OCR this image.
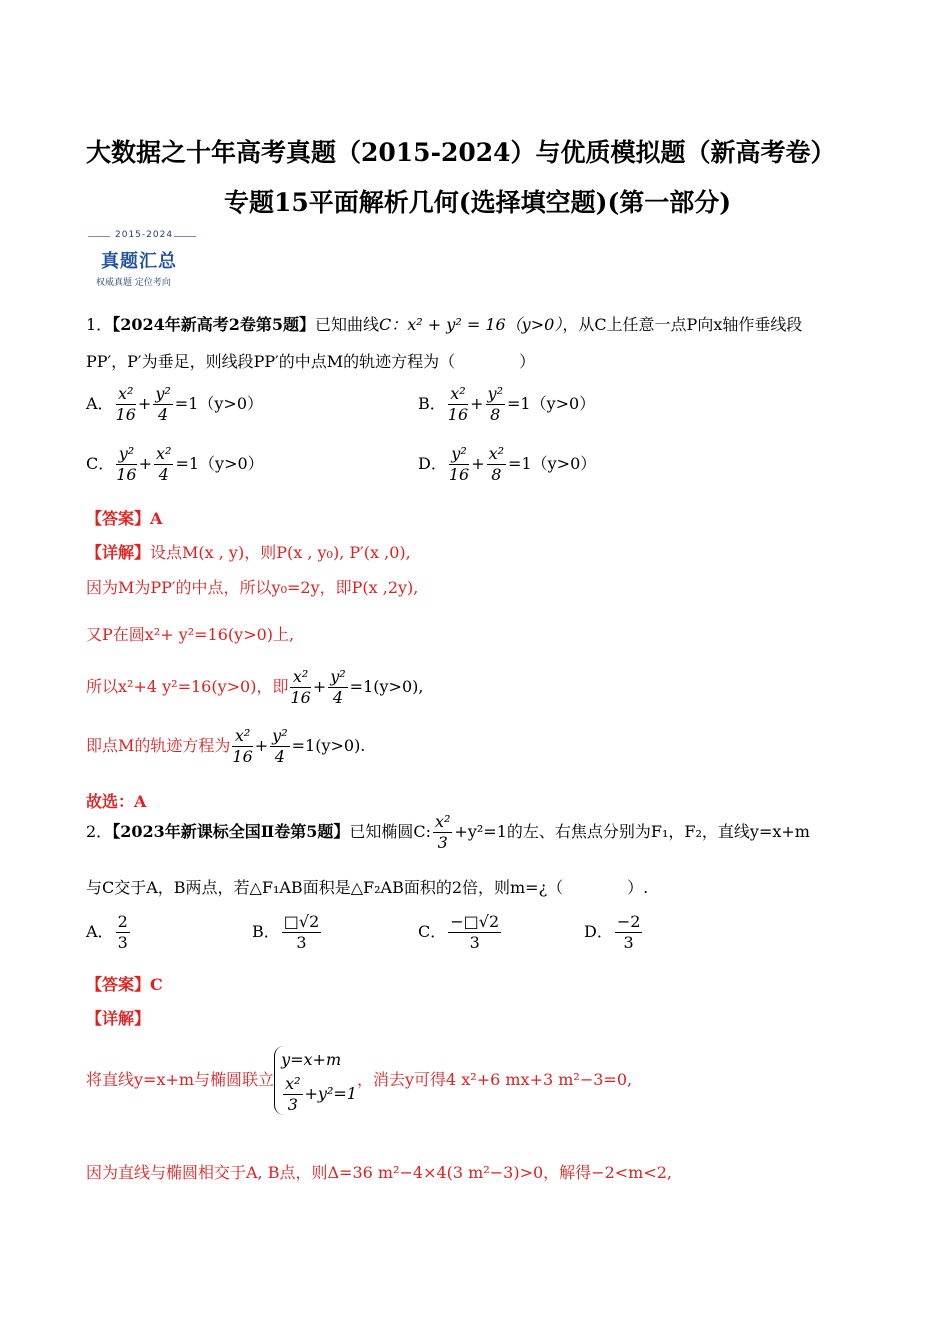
大数据之十年高考真题（2015-2024）与优质模拟题（新高考卷）
专题15平面解析几何(选择填空题)(第一部分)
2015-2024
真题汇总
权威真题 定位考向
1．【2024年新高考2卷第5题】已知曲线C：x² + y² = 16（y>0），从C上任意一点P向x轴作垂线段
PP′，P′为垂足，则线段PP′的中点M的轨迹方程为（　　　　）
A． $\frac{\text{x²}}{16} + \frac{\text{y²}}{4} =1(y>0)$	B． $\frac{\text{x²}}{16} + \frac{\text{y²}}{8} =1(y>0)$
C． $\frac{\text{y²}}{16} + \frac{\text{x²}}{4} =1(y>0)$	D． $\frac{\text{y²}}{16} + \frac{\text{x²}}{8} =1(y>0)$
【答案】A
【详解】设点M(x , y)，则P(x , y₀), P′(x ,0),
因为M为PP′的中点，所以y₀=2y，即P(x ,2y),
又P在圆x²+ y²=16(y>0)上,
所以x²+4 y²=16(y>0)，即 $\frac{\text{x²}}{16} + \frac{\text{y²}}{4} =1(y>0)$,
即点M的轨迹方程为 $\frac{\text{x²}}{16} + \frac{\text{y²}}{4} =1(y>0)$.
故选：A
2．【2023年新课标全国Ⅱ卷第5题】已知椭圆C: $\frac{\text{x²}}{3} +y^2=1$的左、右焦点分别为F₁，F₂，直线y=x+m
与C交于A，B两点，若△F₁AB面积是△F₂AB面积的2倍，则m=¿（　　　　）.
A． $\frac{2}{3}$	B． $\frac{□√2}{3}$	C． $\frac{-□√2}{3}$	D． $\frac{-2}{3}$
【答案】C
【详解】
将直线y=x+m与椭圆联立
y=x+m
$\frac{\text{x²}}{3} +y^2=1$
，消去y可得4 x²+6 mx+3 m²−3=0,
因为直线与椭圆相交于A, B点，则Δ=36 m²−4×4(3 m²−3)>0，解得−2<m<2,
